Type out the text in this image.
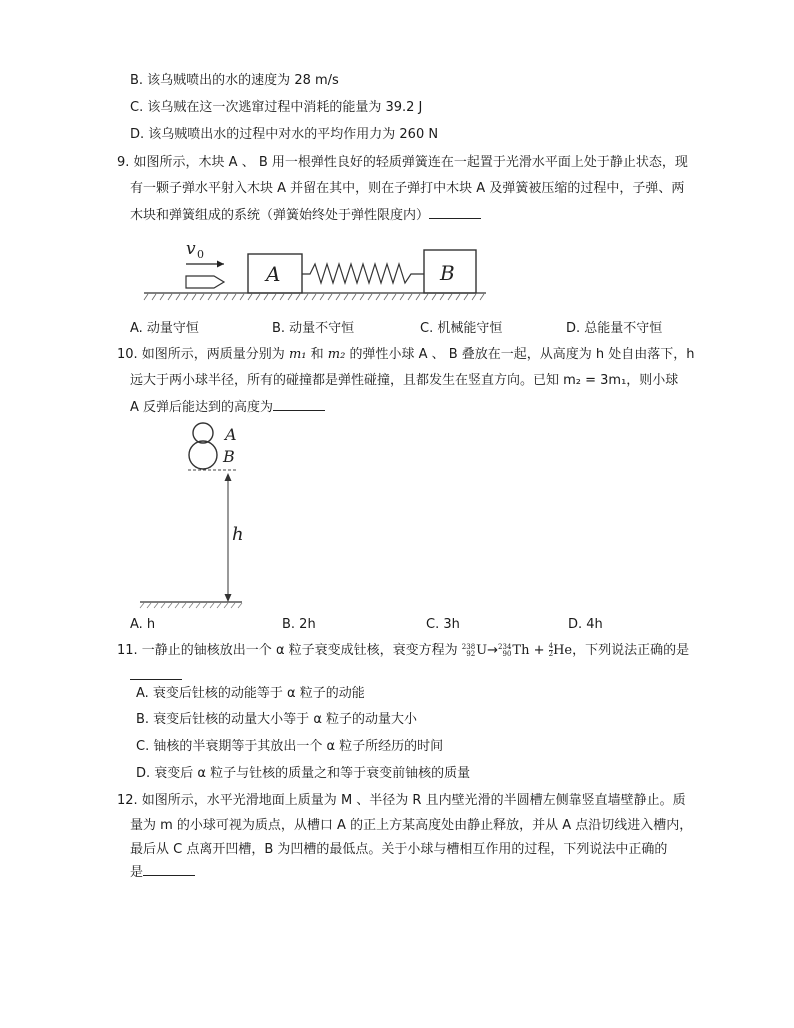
B. 该乌贼喷出的水的速度为 28 m/s
C. 该乌贼在这一次逃窜过程中消耗的能量为 39.2 J
D. 该乌贼喷出水的过程中对水的平均作用力为 260 N
9. 如图所示，木块 A 、 B 用一根弹性良好的轻质弹簧连在一起置于光滑水平面上处于静止状态，现
有一颗子弹水平射入木块 A 并留在其中，则在子弹打中木块 A 及弹簧被压缩的过程中，子弹、两
木块和弹簧组成的系统（弹簧始终处于弹性限度内）
v 0
A	B
A. 动量守恒	B. 动量不守恒	C. 机械能守恒	D. 总能量不守恒
10. 如图所示，两质量分别为 m₁ 和 m₂ 的弹性小球 A 、 B 叠放在一起，从高度为 h 处自由落下，h
远大于两小球半径，所有的碰撞都是弹性碰撞，且都发生在竖直方向。已知 m₂ = 3m₁，则小球
A 反弹后能达到的高度为
A
B
h
A. h	B. 2h	C. 3h	D. 4h
11. 一静止的铀核放出一个 α 粒子衰变成钍核，衰变方程为 238
92 U→ 234
90 $Th + \frac{4}{2}$ He，下列说法正确的是
A. 衰变后钍核的动能等于 α 粒子的动能
B. 衰变后钍核的动量大小等于 α 粒子的动量大小
C. 铀核的半衰期等于其放出一个 α 粒子所经历的时间
D. 衰变后 α 粒子与钍核的质量之和等于衰变前铀核的质量
12. 如图所示，水平光滑地面上质量为 M 、半径为 R 且内壁光滑的半圆槽左侧靠竖直墙壁静止。质
量为 m 的小球可视为质点，从槽口 A 的正上方某高度处由静止释放，并从 A 点沿切线进入槽内，
最后从 C 点离开凹槽，B 为凹槽的最低点。关于小球与槽相互作用的过程，下列说法中正确的
是
